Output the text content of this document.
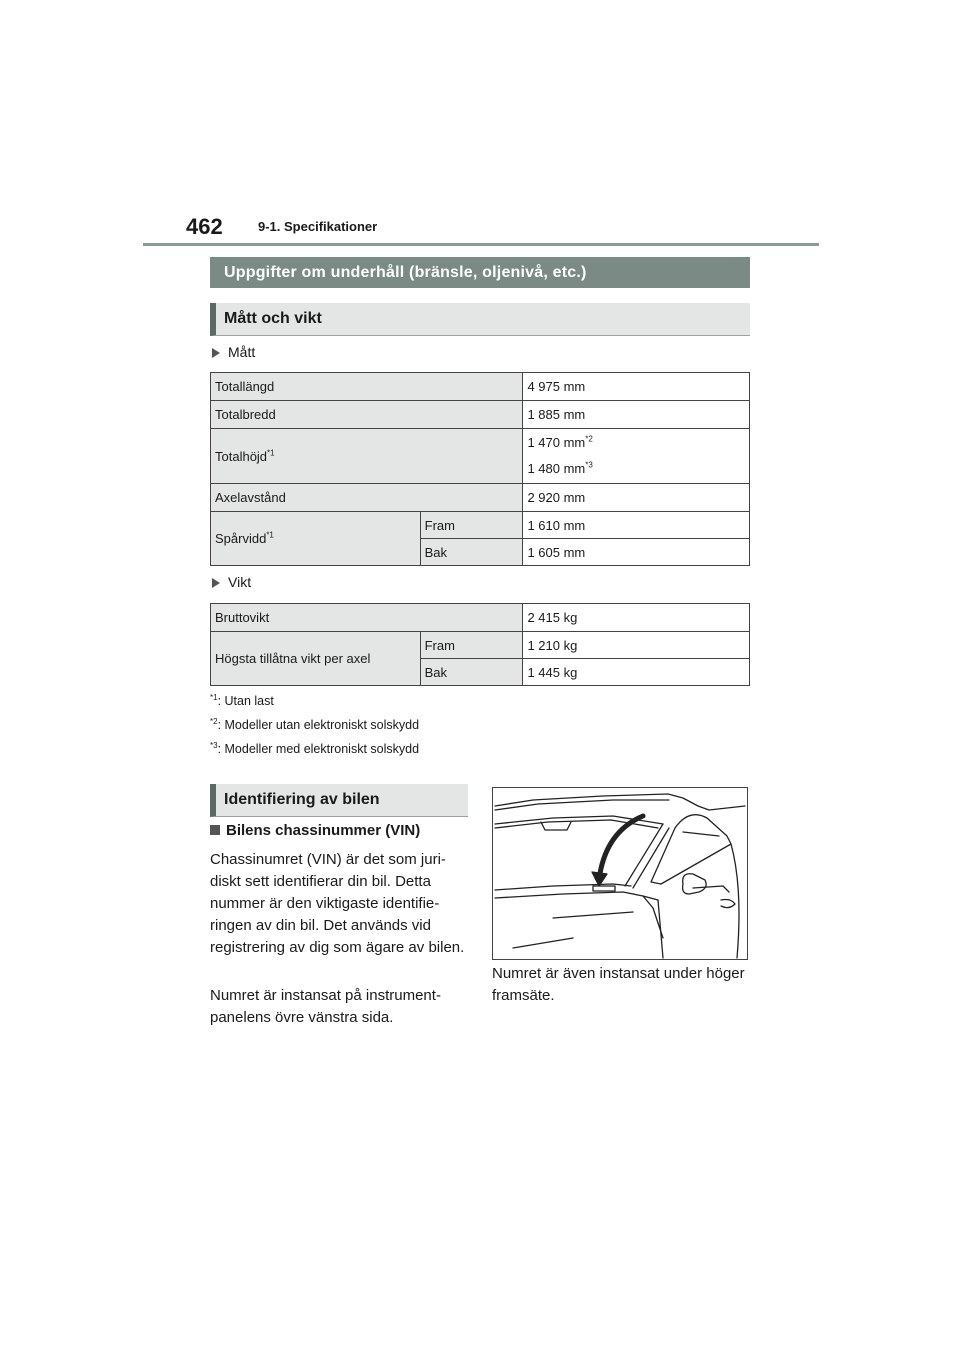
462	9-1. Specifikationer
Uppgifter om underhåll (bränsle, oljenivå, etc.)
Mått och vikt
Mått
Totallängd		4 975 mm
Totalbredd		1 885 mm
Totalhöjd$^{*1}$		1 470 $mm^{*2}$
1 480 $mm^{*3}$

Axelavstånd		2 920 mm
Spårvidd$^{*1}$	Fram	1 610 mm
	Bak	1 605 mm
Vikt
Bruttovikt		2 415 kg
Högsta tillåtna vikt per axel	Fram	1 210 kg
	Bak	1 445 kg
$^{*1}$: Utan last
$^{*2}$: Modeller utan elektroniskt solskydd
$^{*3}$: Modeller med elektroniskt solskydd
Identifiering av bilen
Bilens chassinummer (VIN)
Chassinumret (VIN) är det som juridiskt sett identifierar din bil. Detta nummer är den viktigaste identifieringen av din bil. Det används vid registrering av dig som ägare av bilen.
Numret är instansat på instrumentpanelens övre vänstra sida.
Numret är även instansat under höger framsäte.
